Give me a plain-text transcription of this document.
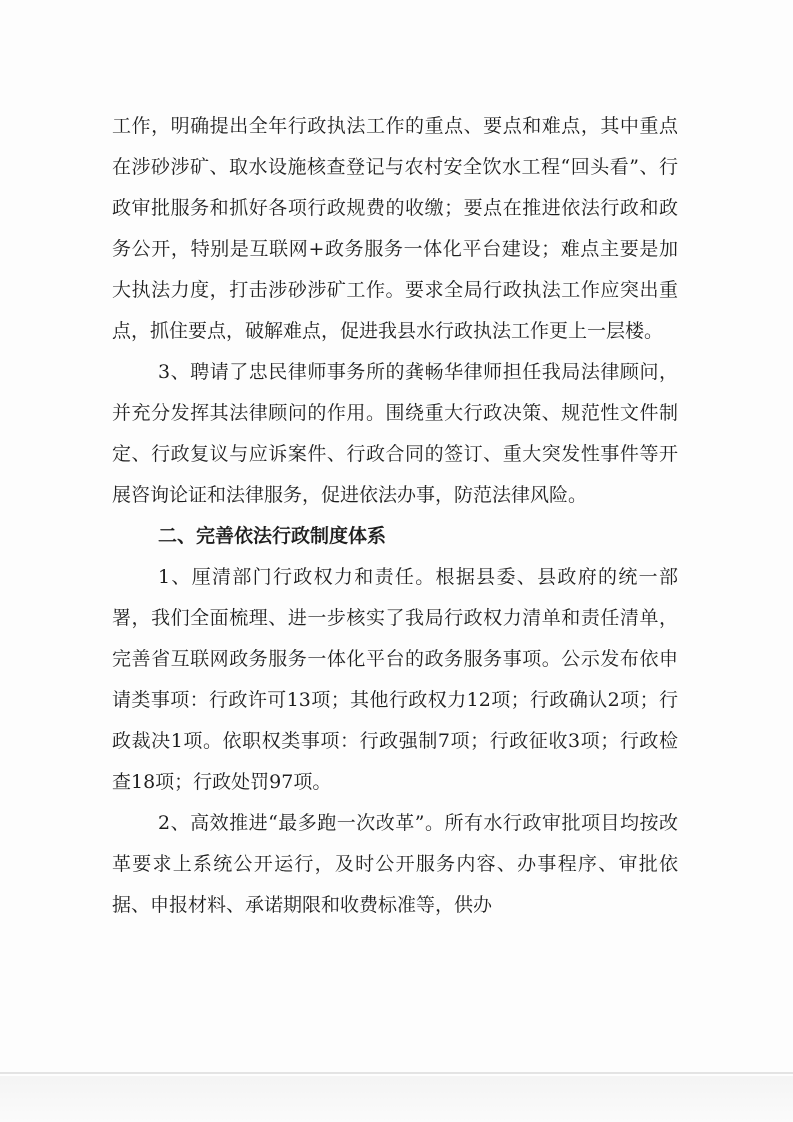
工作，明确提出全年行政执法工作的重点、要点和难点，其中重点在涉砂涉矿、取水设施核查登记与农村安全饮水工程“回头看”、行政审批服务和抓好各项行政规费的收缴；要点在推进依法行政和政务公开，特别是互联网+政务服务一体化平台建设；难点主要是加大执法力度，打击涉砂涉矿工作。要求全局行政执法工作应突出重点，抓住要点，破解难点，促进我县水行政执法工作更上一层楼。

3、聘请了忠民律师事务所的龚畅华律师担任我局法律顾问，并充分发挥其法律顾问的作用。围绕重大行政决策、规范性文件制定、行政复议与应诉案件、行政合同的签订、重大突发性事件等开展咨询论证和法律服务，促进依法办事，防范法律风险。

二、完善依法行政制度体系

1、厘清部门行政权力和责任。根据县委、县政府的统一部署，我们全面梳理、进一步核实了我局行政权力清单和责任清单，完善省互联网政务服务一体化平台的政务服务事项。公示发布依申请类事项：行政许可13项；其他行政权力12项；行政确认2项；行政裁决1项。依职权类事项：行政强制7项；行政征收3项；行政检查18项；行政处罚97项。

2、高效推进“最多跑一次改革”。所有水行政审批项目均按改革要求上系统公开运行，及时公开服务内容、办事程序、审批依据、申报材料、承诺期限和收费标准等，供办
